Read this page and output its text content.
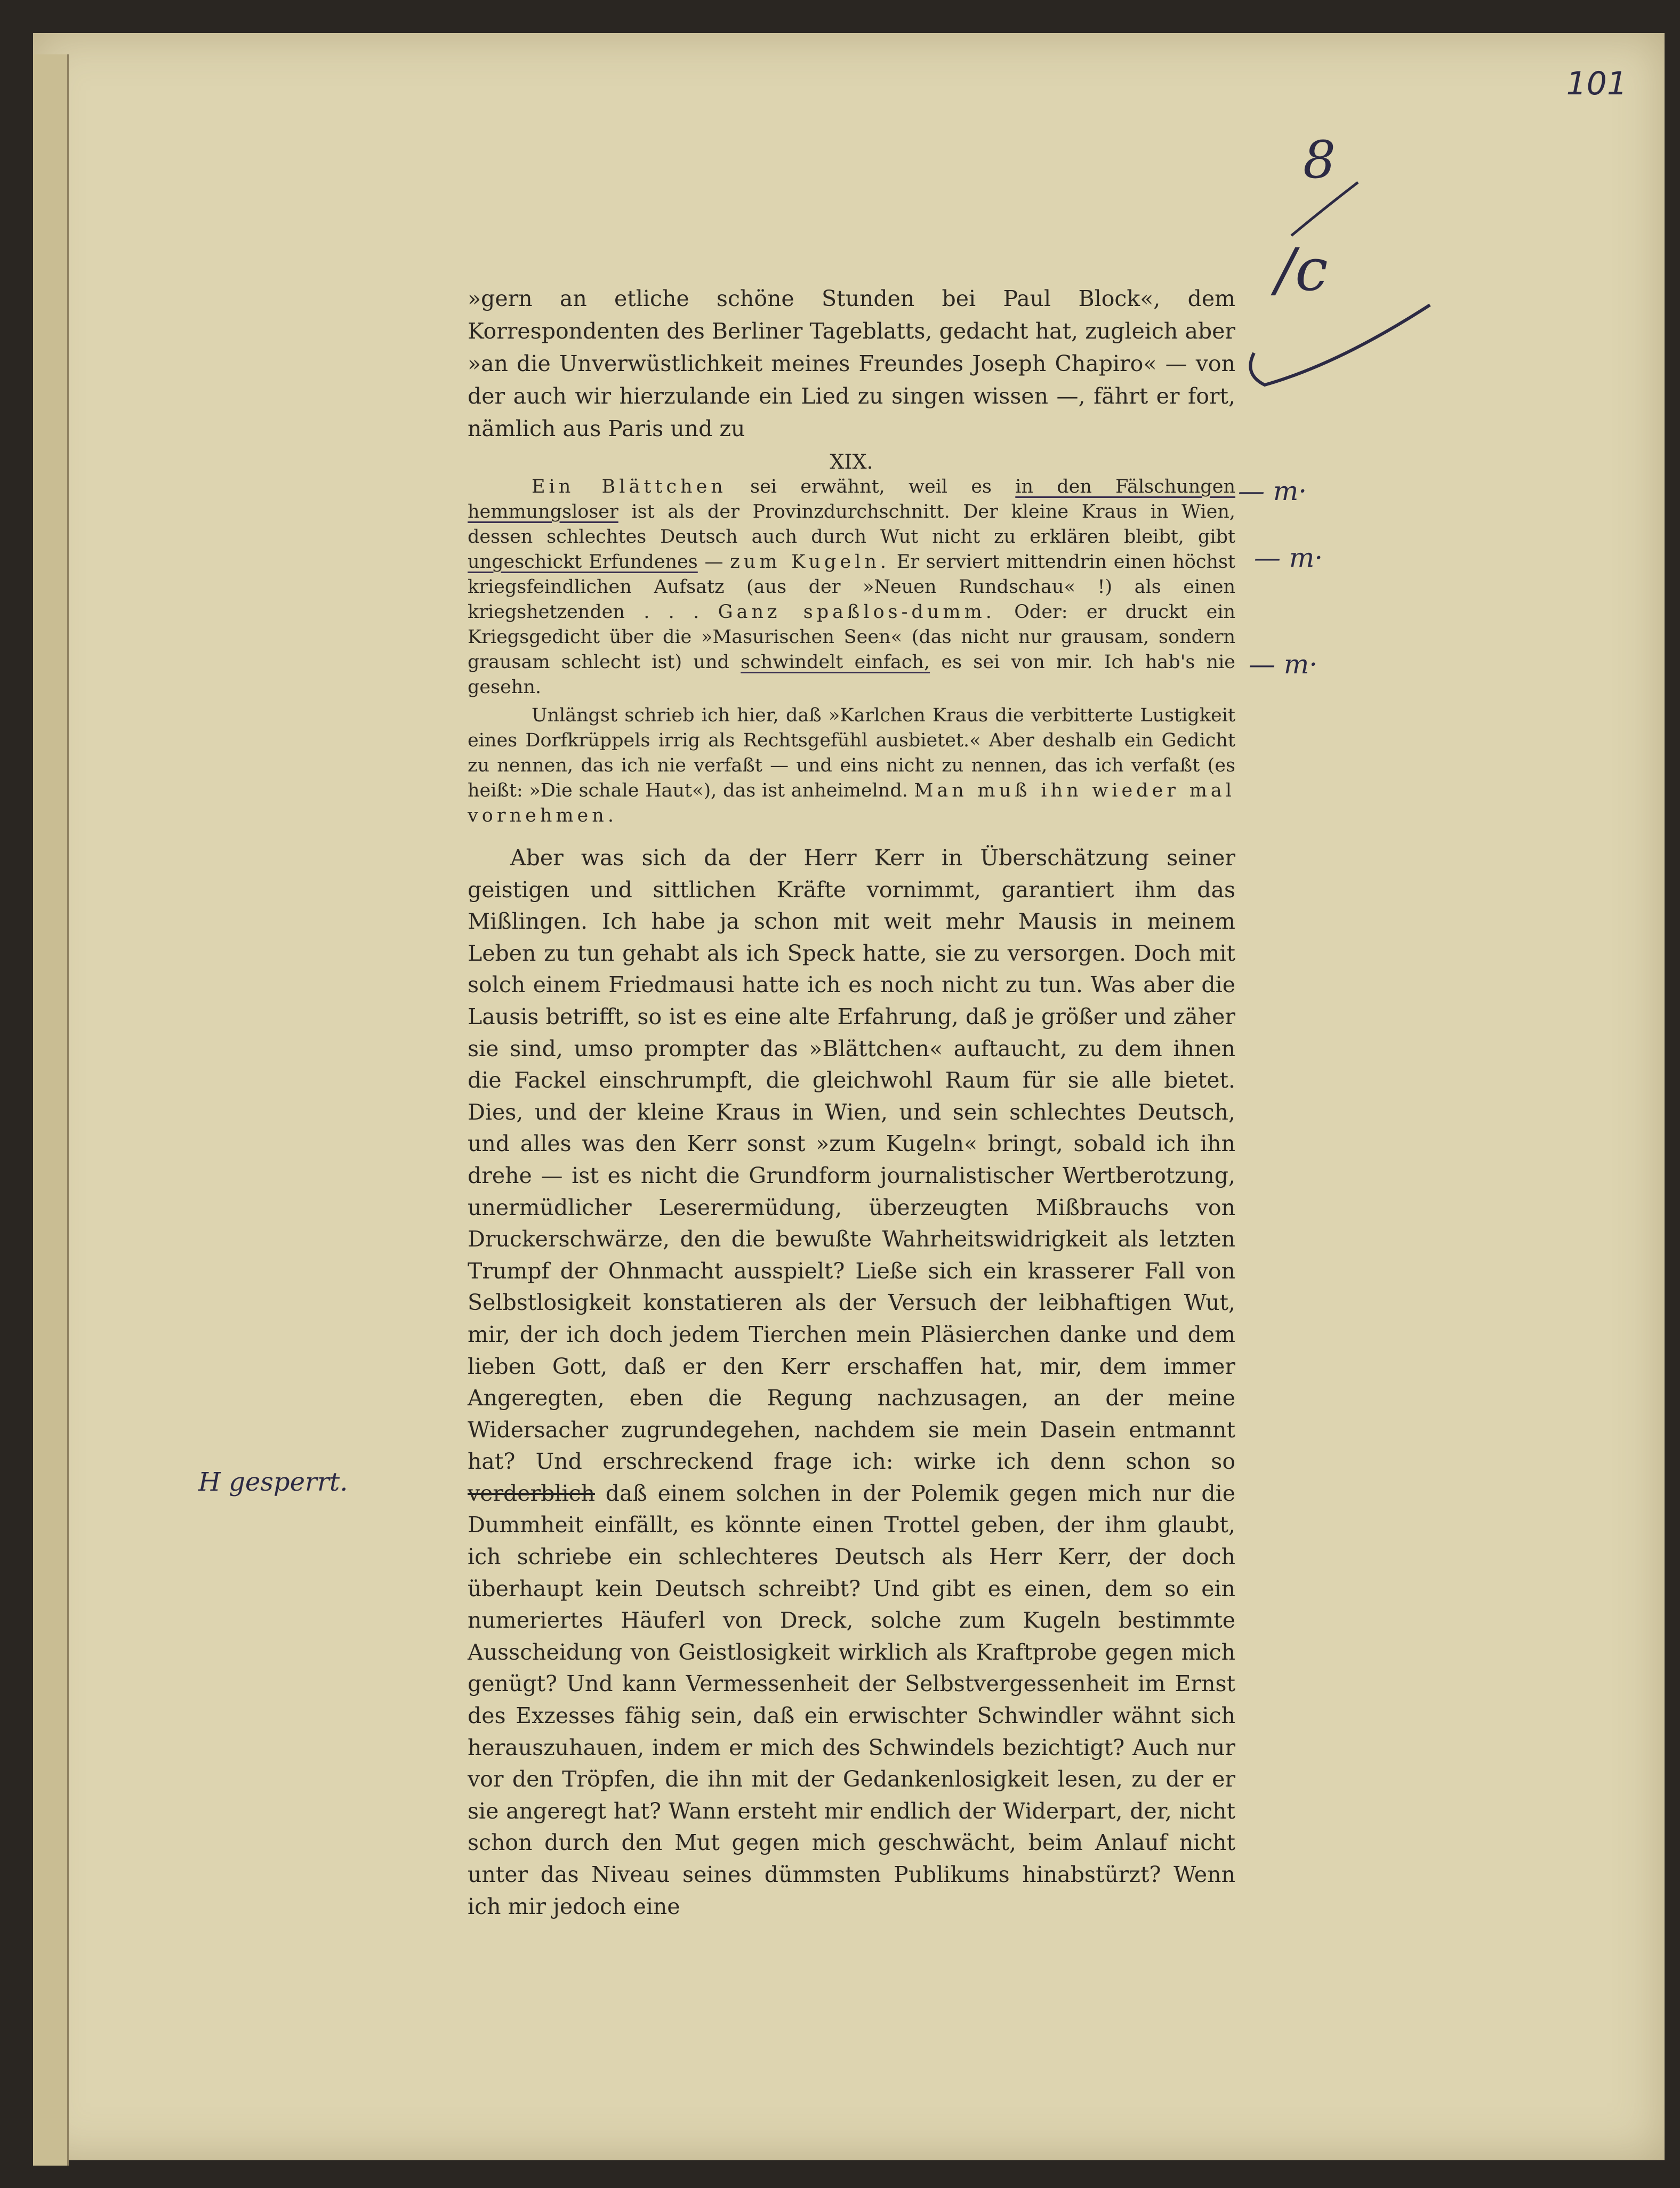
101
8
/c
— m·
— m·
— m·
H gesperrt.
»gern an etliche schöne Stunden bei Paul Block«, dem Korrespondenten des Berliner Tageblatts, gedacht hat, zugleich aber »an die Unverwüstlichkeit meines Freundes Joseph Chapiro« — von der auch wir hierzulande ein Lied zu singen wissen —, fährt er fort, nämlich aus Paris und zu
XIX.

Ein Blättchen sei erwähnt, weil es in den Fälschungen hemmungsloser ist als der Provinzdurchschnitt. Der kleine Kraus in Wien, dessen schlechtes Deutsch auch durch Wut nicht zu erklären bleibt, gibt ungeschickt Erfundenes — zum Kugeln. Er serviert mittendrin einen höchst kriegsfeindlichen Aufsatz (aus der »Neuen Rundschau« !) als einen kriegshetzenden . . . Ganz spaßlos-dumm. Oder: er druckt ein Kriegsgedicht über die »Masurischen Seen« (das nicht nur grausam, sondern grausam schlecht ist) und schwindelt einfach, es sei von mir. Ich hab's nie gesehn.

Unlängst schrieb ich hier, daß »Karlchen Kraus die verbitterte Lustigkeit eines Dorfkrüppels irrig als Rechtsgefühl ausbietet.« Aber deshalb ein Gedicht zu nennen, das ich nie verfaßt — und eins nicht zu nennen, das ich verfaßt (es heißt: »Die schale Haut«), das ist anheimelnd. Man muß ihn wieder mal vornehmen.

Aber was sich da der Herr Kerr in Überschätzung seiner geistigen und sittlichen Kräfte vornimmt, garantiert ihm das Mißlingen. Ich habe ja schon mit weit mehr Mausis in meinem Leben zu tun gehabt als ich Speck hatte, sie zu versorgen. Doch mit solch einem Friedmausi hatte ich es noch nicht zu tun. Was aber die Lausis betrifft, so ist es eine alte Erfahrung, daß je größer und zäher sie sind, umso prompter das »Blättchen« auftaucht, zu dem ihnen die Fackel einschrumpft, die gleichwohl Raum für sie alle bietet. Dies, und der kleine Kraus in Wien, und sein schlechtes Deutsch, und alles was den Kerr sonst »zum Kugeln« bringt, sobald ich ihn drehe — ist es nicht die Grundform journalistischer Wertberotzung, unermüdlicher Leserermüdung, überzeugten Mißbrauchs von Druckerschwärze, den die bewußte Wahrheitswidrigkeit als letzten Trumpf der Ohnmacht ausspielt? Ließe sich ein krasserer Fall von Selbstlosigkeit konstatieren als der Versuch der leibhaftigen Wut, mir, der ich doch jedem Tierchen mein Pläsierchen danke und dem lieben Gott, daß er den Kerr erschaffen hat, mir, dem immer Angeregten, eben die Regung nachzusagen, an der meine Widersacher zugrundegehen, nachdem sie mein Dasein entmannt hat? Und erschreckend frage ich: wirke ich denn schon so verderblich daß einem solchen in der Polemik gegen mich nur die Dummheit einfällt, es könnte einen Trottel geben, der ihm glaubt, ich schriebe ein schlechteres Deutsch als Herr Kerr, der doch überhaupt kein Deutsch schreibt? Und gibt es einen, dem so ein numeriertes Häuferl von Dreck, solche zum Kugeln bestimmte Ausscheidung von Geistlosigkeit wirklich als Kraftprobe gegen mich genügt? Und kann Vermessenheit der Selbstvergessenheit im Ernst des Exzesses fähig sein, daß ein erwischter Schwindler wähnt sich herauszuhauen, indem er mich des Schwindels bezichtigt? Auch nur vor den Tröpfen, die ihn mit der Gedankenlosigkeit lesen, zu der er sie angeregt hat? Wann ersteht mir endlich der Widerpart, der, nicht schon durch den Mut gegen mich geschwächt, beim Anlauf nicht unter das Niveau seines dümmsten Publikums hinabstürzt? Wenn ich mir jedoch eine
